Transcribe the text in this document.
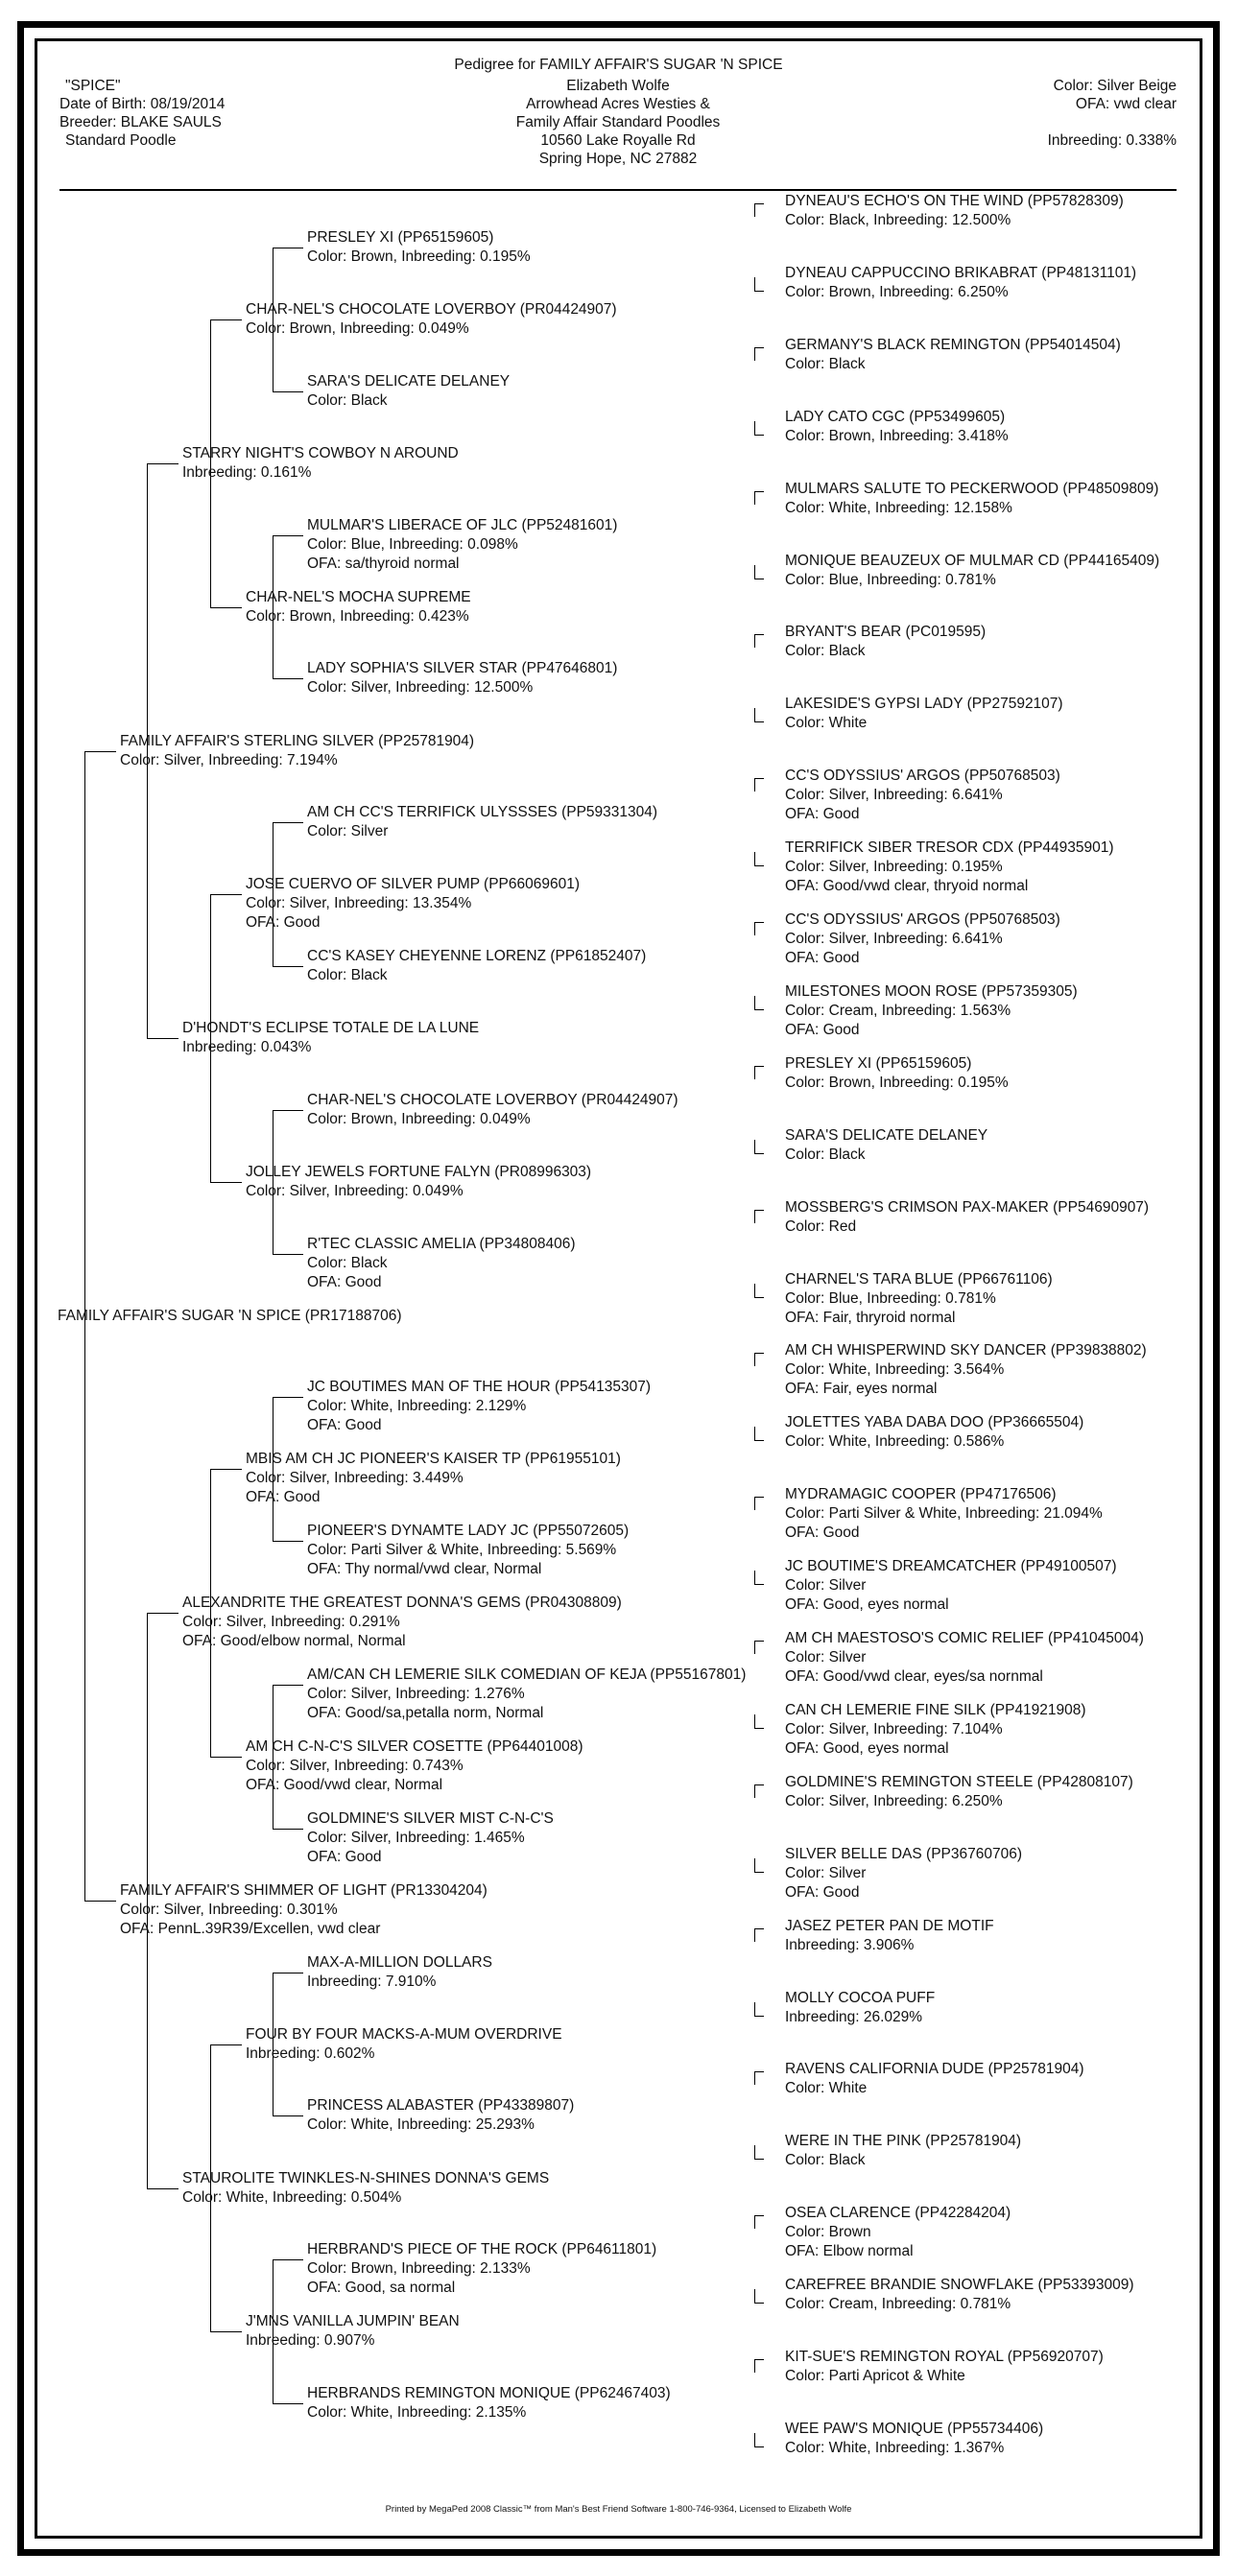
Pedigree for FAMILY AFFAIR'S SUGAR 'N SPICE
"SPICE"
Date of Birth: 08/19/2014
Breeder: BLAKE SAULS
Standard Poodle
Elizabeth Wolfe
Arrowhead Acres Westies &
Family Affair Standard Poodles
10560 Lake Royalle Rd
Spring Hope, NC 27882
Color: Silver Beige
OFA: vwd clear
Inbreeding: 0.338%
FAMILY AFFAIR'S SUGAR 'N SPICE (PR17188706)
FAMILY AFFAIR'S STERLING SILVER (PP25781904)
Color: Silver, Inbreeding: 7.194%
FAMILY AFFAIR'S SHIMMER OF LIGHT (PR13304204)
Color: Silver, Inbreeding: 0.301%
OFA: PennL.39R39/Excellen, vwd clear
STARRY NIGHT'S COWBOY N AROUND
Inbreeding: 0.161%
D'HONDT'S ECLIPSE TOTALE DE LA LUNE
Inbreeding: 0.043%
ALEXANDRITE THE GREATEST DONNA'S GEMS (PR04308809)
Color: Silver, Inbreeding: 0.291%
OFA: Good/elbow normal, Normal
STAUROLITE TWINKLES-N-SHINES DONNA'S GEMS
Color: White, Inbreeding: 0.504%
CHAR-NEL'S CHOCOLATE LOVERBOY (PR04424907)
Color: Brown, Inbreeding: 0.049%
CHAR-NEL'S MOCHA SUPREME
Color: Brown, Inbreeding: 0.423%
JOSE CUERVO OF SILVER PUMP (PP66069601)
Color: Silver, Inbreeding: 13.354%
OFA: Good
JOLLEY JEWELS FORTUNE FALYN (PR08996303)
Color: Silver, Inbreeding: 0.049%
MBIS AM CH JC PIONEER'S KAISER TP (PP61955101)
Color: Silver, Inbreeding: 3.449%
OFA: Good
AM CH C-N-C'S SILVER COSETTE (PP64401008)
Color: Silver, Inbreeding: 0.743%
OFA: Good/vwd clear, Normal
FOUR BY FOUR MACKS-A-MUM OVERDRIVE
Inbreeding: 0.602%
J'MNS VANILLA JUMPIN' BEAN
Inbreeding: 0.907%
PRESLEY XI (PP65159605)
Color: Brown, Inbreeding: 0.195%
SARA'S DELICATE DELANEY
Color: Black
MULMAR'S LIBERACE OF JLC (PP52481601)
Color: Blue, Inbreeding: 0.098%
OFA: sa/thyroid normal
LADY SOPHIA'S SILVER STAR (PP47646801)
Color: Silver, Inbreeding: 12.500%
AM CH CC'S TERRIFICK ULYSSSES (PP59331304)
Color: Silver
CC'S KASEY CHEYENNE LORENZ (PP61852407)
Color: Black
CHAR-NEL'S CHOCOLATE LOVERBOY (PR04424907)
Color: Brown, Inbreeding: 0.049%
R'TEC CLASSIC AMELIA (PP34808406)
Color: Black
OFA: Good
JC BOUTIMES MAN OF THE HOUR (PP54135307)
Color: White, Inbreeding: 2.129%
OFA: Good
PIONEER'S DYNAMTE LADY JC (PP55072605)
Color: Parti Silver & White, Inbreeding: 5.569%
OFA: Thy normal/vwd clear, Normal
AM/CAN CH LEMERIE SILK COMEDIAN OF KEJA (PP55167801)
Color: Silver, Inbreeding: 1.276%
OFA: Good/sa,petalla norm, Normal
GOLDMINE'S SILVER MIST C-N-C'S
Color: Silver, Inbreeding: 1.465%
OFA: Good
MAX-A-MILLION DOLLARS
Inbreeding: 7.910%
PRINCESS ALABASTER (PP43389807)
Color: White, Inbreeding: 25.293%
HERBRAND'S PIECE OF THE ROCK (PP64611801)
Color: Brown, Inbreeding: 2.133%
OFA: Good, sa normal
HERBRANDS REMINGTON MONIQUE (PP62467403)
Color: White, Inbreeding: 2.135%
DYNEAU'S ECHO'S ON THE WIND (PP57828309)
Color: Black, Inbreeding: 12.500%
DYNEAU CAPPUCCINO BRIKABRAT (PP48131101)
Color: Brown, Inbreeding: 6.250%
GERMANY'S BLACK REMINGTON (PP54014504)
Color: Black
LADY CATO CGC (PP53499605)
Color: Brown, Inbreeding: 3.418%
MULMARS SALUTE TO PECKERWOOD (PP48509809)
Color: White, Inbreeding: 12.158%
MONIQUE BEAUZEUX OF MULMAR CD (PP44165409)
Color: Blue, Inbreeding: 0.781%
BRYANT'S BEAR (PC019595)
Color: Black
LAKESIDE'S GYPSI LADY (PP27592107)
Color: White
CC'S ODYSSIUS' ARGOS (PP50768503)
Color: Silver, Inbreeding: 6.641%
OFA: Good
TERRIFICK SIBER TRESOR CDX (PP44935901)
Color: Silver, Inbreeding: 0.195%
OFA: Good/vwd clear, thryoid normal
CC'S ODYSSIUS' ARGOS (PP50768503)
Color: Silver, Inbreeding: 6.641%
OFA: Good
MILESTONES MOON ROSE (PP57359305)
Color: Cream, Inbreeding: 1.563%
OFA: Good
PRESLEY XI (PP65159605)
Color: Brown, Inbreeding: 0.195%
SARA'S DELICATE DELANEY
Color: Black
MOSSBERG'S CRIMSON PAX-MAKER (PP54690907)
Color: Red
CHARNEL'S TARA BLUE (PP66761106)
Color: Blue, Inbreeding: 0.781%
OFA: Fair, thryroid normal
AM CH WHISPERWIND SKY DANCER (PP39838802)
Color: White, Inbreeding: 3.564%
OFA: Fair, eyes normal
JOLETTES YABA DABA DOO (PP36665504)
Color: White, Inbreeding: 0.586%
MYDRAMAGIC COOPER (PP47176506)
Color: Parti Silver & White, Inbreeding: 21.094%
OFA: Good
JC BOUTIME'S DREAMCATCHER (PP49100507)
Color: Silver
OFA: Good, eyes normal
AM CH MAESTOSO'S COMIC RELIEF (PP41045004)
Color: Silver
OFA: Good/vwd clear, eyes/sa nornmal
CAN CH LEMERIE FINE SILK (PP41921908)
Color: Silver, Inbreeding: 7.104%
OFA: Good, eyes normal
GOLDMINE'S REMINGTON STEELE (PP42808107)
Color: Silver, Inbreeding: 6.250%
SILVER BELLE DAS (PP36760706)
Color: Silver
OFA: Good
JASEZ PETER PAN DE MOTIF
Inbreeding: 3.906%
MOLLY COCOA PUFF
Inbreeding: 26.029%
RAVENS CALIFORNIA DUDE (PP25781904)
Color: White
WERE IN THE PINK (PP25781904)
Color: Black
OSEA CLARENCE (PP42284204)
Color: Brown
OFA: Elbow normal
CAREFREE BRANDIE SNOWFLAKE (PP53393009)
Color: Cream, Inbreeding: 0.781%
KIT-SUE'S REMINGTON ROYAL (PP56920707)
Color: Parti Apricot & White
WEE PAW'S MONIQUE (PP55734406)
Color: White, Inbreeding: 1.367%
Printed by MegaPed 2008 Classic™ from Man's Best Friend Software 1-800-746-9364, Licensed to Elizabeth Wolfe
